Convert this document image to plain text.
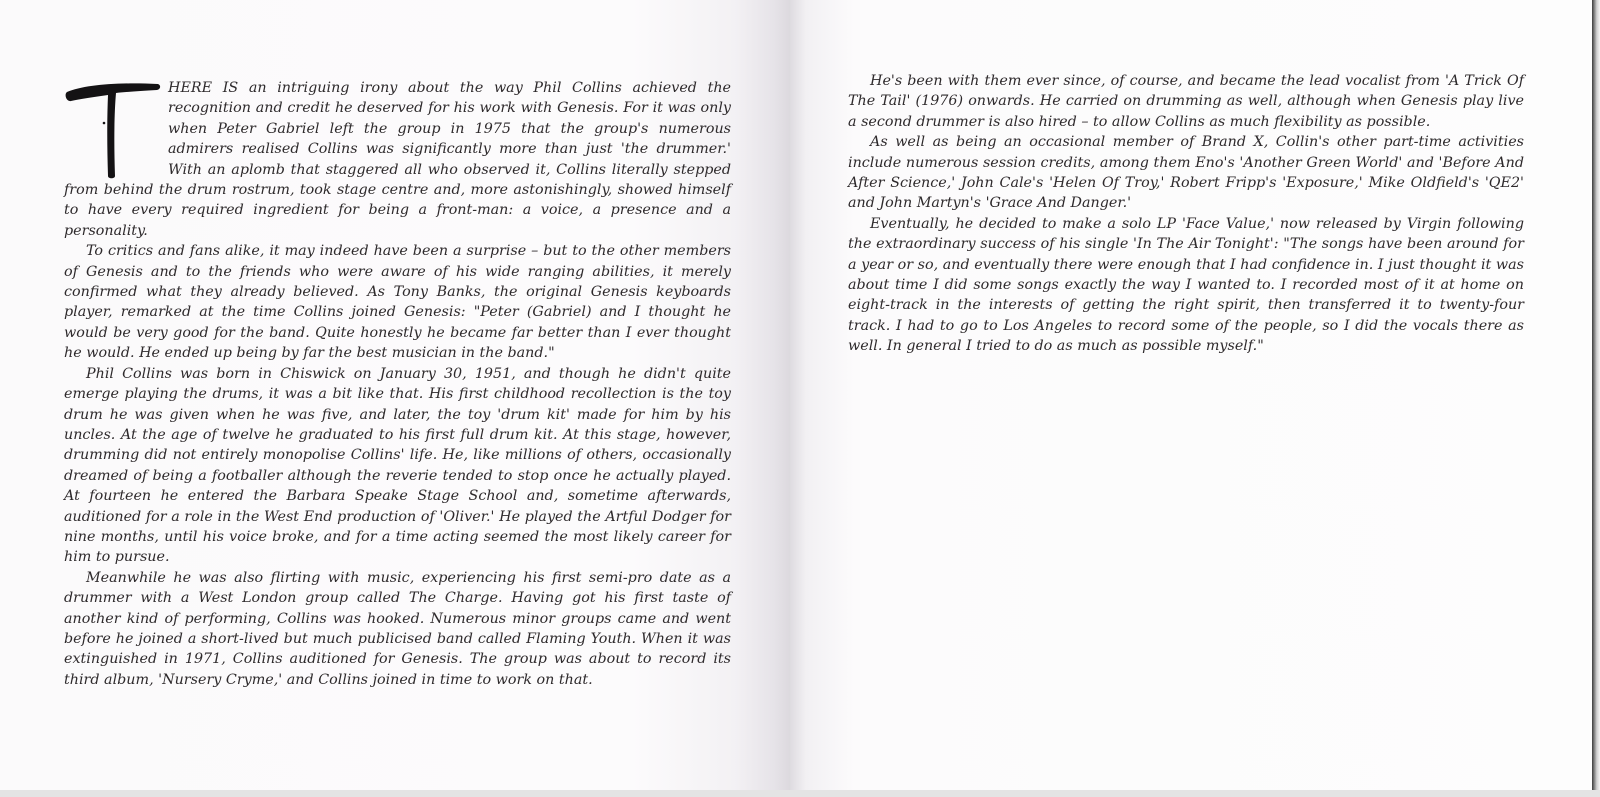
HERE IS an intriguing irony about the way Phil Collins achieved the recognition and credit he deserved for his work with Genesis. For it was only when Peter Gabriel left the group in 1975 that the group's numerous admirers realised Collins was significantly more than just 'the drummer.' With an aplomb that staggered all who observed it, Collins literally stepped from behind the drum rostrum, took stage centre and, more astonishingly, showed himself to have every required ingredient for being a front-man: a voice, a presence and a personality.

To critics and fans alike, it may indeed have been a surprise – but to the other members of Genesis and to the friends who were aware of his wide ranging abilities, it merely confirmed what they already believed. As Tony Banks, the original Genesis keyboards player, remarked at the time Collins joined Genesis: "Peter (Gabriel) and I thought he would be very good for the band. Quite honestly he became far better than I ever thought he would. He ended up being by far the best musician in the band."

Phil Collins was born in Chiswick on January 30, 1951, and though he didn't quite emerge playing the drums, it was a bit like that. His first childhood recollection is the toy drum he was given when he was five, and later, the toy 'drum kit' made for him by his uncles. At the age of twelve he graduated to his first full drum kit. At this stage, however, drumming did not entirely monopolise Collins' life. He, like millions of others, occasionally dreamed of being a footballer although the reverie tended to stop once he actually played. At fourteen he entered the Barbara Speake Stage School and, sometime afterwards, auditioned for a role in the West End production of 'Oliver.' He played the Artful Dodger for nine months, until his voice broke, and for a time acting seemed the most likely career for him to pursue.

Meanwhile he was also flirting with music, experiencing his first semi-pro date as a drummer with a West London group called The Charge. Having got his first taste of another kind of performing, Collins was hooked. Numerous minor groups came and went before he joined a short-lived but much publicised band called Flaming Youth. When it was extinguished in 1971, Collins auditioned for Genesis. The group was about to record its third album, 'Nursery Cryme,' and Collins joined in time to work on that.

He's been with them ever since, of course, and became the lead vocalist from 'A Trick Of The Tail' (1976) onwards. He carried on drumming as well, although when Genesis play live a second drummer is also hired – to allow Collins as much flexibility as possible.

As well as being an occasional member of Brand X, Collin's other part-time activities include numerous session credits, among them Eno's 'Another Green World' and 'Before And After Science,' John Cale's 'Helen Of Troy,' Robert Fripp's 'Exposure,' Mike Oldfield's 'QE2' and John Martyn's 'Grace And Danger.'

Eventually, he decided to make a solo LP 'Face Value,' now released by Virgin following the extraordinary success of his single 'In The Air Tonight': "The songs have been around for a year or so, and eventually there were enough that I had confidence in. I just thought it was about time I did some songs exactly the way I wanted to. I recorded most of it at home on eight-track in the interests of getting the right spirit, then transferred it to twenty-four track. I had to go to Los Angeles to record some of the people, so I did the vocals there as well. In general I tried to do as much as possible myself."
